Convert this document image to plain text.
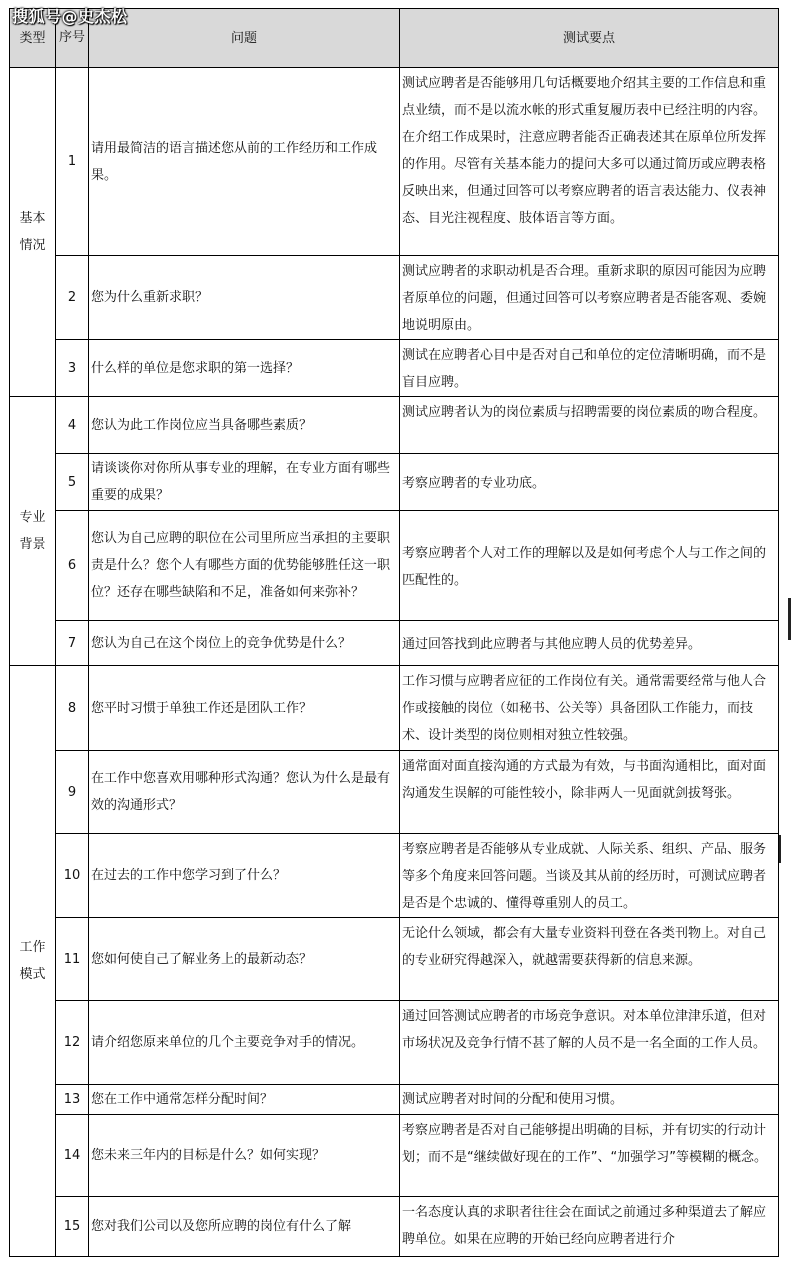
搜狐号@史杰松
类型	序号	问题	测试要点
基本情况	1	请用最简洁的语言描述您从前的工作经历和工作成果。	测试应聘者是否能够用几句话概要地介绍其主要的工作信息和重点业绩，而不是以流水帐的形式重复履历表中已经注明的内容。在介绍工作成果时，注意应聘者能否正确表述其在原单位所发挥的作用。尽管有关基本能力的提问大多可以通过简历或应聘表格反映出来，但通过回答可以考察应聘者的语言表达能力、仪表神态、目光注视程度、肢体语言等方面。
	2	您为什么重新求职？	测试应聘者的求职动机是否合理。重新求职的原因可能因为应聘者原单位的问题，但通过回答可以考察应聘者是否能客观、委婉地说明原由。
	3	什么样的单位是您求职的第一选择？	测试在应聘者心目中是否对自己和单位的定位清晰明确，而不是盲目应聘。
专业背景	4	您认为此工作岗位应当具备哪些素质？	测试应聘者认为的岗位素质与招聘需要的岗位素质的吻合程度。
	5	请谈谈你对你所从事专业的理解，在专业方面有哪些重要的成果？	考察应聘者的专业功底。
	6	您认为自己应聘的职位在公司里所应当承担的主要职责是什么？您个人有哪些方面的优势能够胜任这一职位？还存在哪些缺陷和不足，准备如何来弥补？	考察应聘者个人对工作的理解以及是如何考虑个人与工作之间的匹配性的。
	7	您认为自己在这个岗位上的竞争优势是什么？	通过回答找到此应聘者与其他应聘人员的优势差异。
工作模式	8	您平时习惯于单独工作还是团队工作？	工作习惯与应聘者应征的工作岗位有关。通常需要经常与他人合作或接触的岗位（如秘书、公关等）具备团队工作能力，而技术、设计类型的岗位则相对独立性较强。
	9	在工作中您喜欢用哪种形式沟通？您认为什么是最有效的沟通形式？	通常面对面直接沟通的方式最为有效，与书面沟通相比，面对面沟通发生误解的可能性较小，除非两人一见面就剑拔弩张。
	10	在过去的工作中您学习到了什么？	考察应聘者是否能够从专业成就、人际关系、组织、产品、服务等多个角度来回答问题。当谈及其从前的经历时，可测试应聘者是否是个忠诚的、懂得尊重别人的员工。
	11	您如何使自己了解业务上的最新动态？	无论什么领域，都会有大量专业资料刊登在各类刊物上。对自己的专业研究得越深入，就越需要获得新的信息来源。
	12	请介绍您原来单位的几个主要竞争对手的情况。	通过回答测试应聘者的市场竞争意识。对本单位津津乐道，但对市场状况及竞争行情不甚了解的人员不是一名全面的工作人员。
	13	您在工作中通常怎样分配时间？	测试应聘者对时间的分配和使用习惯。
	14	您未来三年内的目标是什么？如何实现？	考察应聘者是否对自己能够提出明确的目标，并有切实的行动计划；而不是“继续做好现在的工作”、“加强学习”等模糊的概念。
	15	您对我们公司以及您所应聘的岗位有什么了解	一名态度认真的求职者往往会在面试之前通过多种渠道去了解应聘单位。如果在应聘的开始已经向应聘者进行介
